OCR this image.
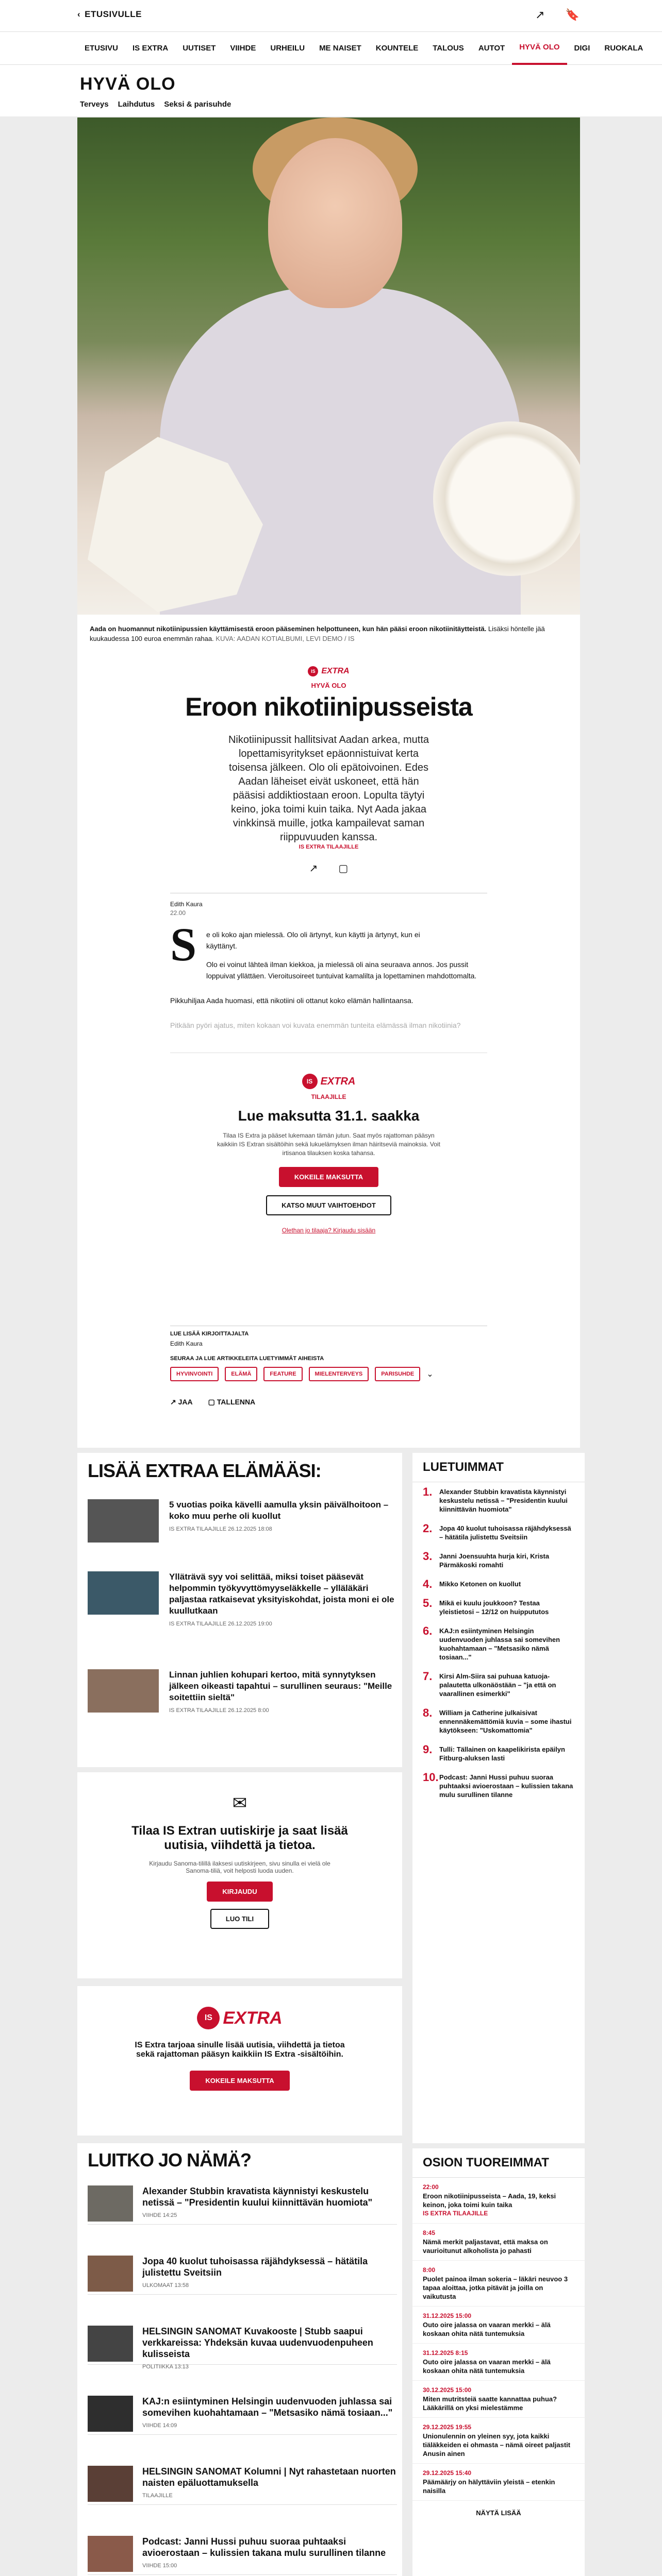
‹ ETUSIVULLE	↗ 🔖
ETUSIVU	IS EXTRA	UUTISET	VIIHDE	URHEILU	ME NAISET	KOUNTELE	TALOUS	AUTOT	HYVÄ OLO	DIGI	RUOKALA
HYVÄ OLO
Terveys Laihdutus Seksi & parisuhde
Aada on huomannut nikotiinipussien käyttämisestä eroon pääseminen helpottuneen, kun hän pääsi eroon nikotiinitäytteistä. Lisäksi höntelle jää kuukaudessa 100 euroa enemmän rahaa. KUVA: AADAN KOTIALBUMI, LEVI DEMO / IS
IS EXTRA
HYVÄ OLO
Eroon nikotiinipusseista
Nikotiinipussit hallitsivat Aadan arkea, mutta lopettamisyritykset epäonnistuivat kerta toisensa jälkeen. Olo oli epätoivoinen. Edes Aadan läheiset eivät uskoneet, että hän pääsisi addiktiostaan eroon. Lopulta täytyi keino, joka toimi kuin taika. Nyt Aada jakaa vinkkinsä muille, jotka kampailevat saman riippuvuuden kanssa.
IS EXTRA TILAAJILLE
↗ ▢
Edith Kaura
22.00
S e oli koko ajan mielessä. Olo oli ärtynyt, kun käytti ja ärtynyt, kun ei käyttänyt.
Olo ei voinut lähteä ilman kiekkoa, ja mielessä oli aina seuraava annos. Jos pussit loppuivat yllättäen. Vieroitusoireet tuntuivat kamalilta ja lopettaminen mahdottomalta.
Pikkuhiljaa Aada huomasi, että nikotiini oli ottanut koko elämän hallintaansa.
Pitkään pyöri ajatus, miten kokaan voi kuvata enemmän tunteita elämässä ilman nikotiinia?
IS EXTRA
TILAAJILLE
Lue maksutta 31.1. saakka
Tilaa IS Extra ja pääset lukemaan tämän jutun. Saat myös rajattoman pääsyn kaikkiin IS Extran sisältöihin sekä lukuelämyksen ilman häiritseviä mainoksia. Voit irtisanoa tilauksen koska tahansa.
KOKEILE MAKSUTTA
KATSO MUUT VAIHTOEHDOT
Olethan jo tilaaja? Kirjaudu sisään
LUE LISÄÄ KIRJOITTAJALTA
Edith Kaura
SEURAA JA LUE ARTIKKELEITA LUETYIMMÄT AIHEISTA
HYVINVOINTI	ELÄMÄ	FEATURE	MIELENTERVEYS	PARISUHDE	⌄
↗ JAA ▢ TALLENNA
LISÄÄ EXTRAA ELÄMÄÄSI:
5 vuotias poika kävelli aamulla yksin päivälhoitoon – koko muu perhe oli kuollut
IS EXTRA TILAAJILLE 26.12.2025 18:08
Ylläträvä syy voi selittää, miksi toiset pääsevät helpommin työkyvyttömyyseläkkelle – ylläläkäri paljastaa ratkaisevat yksityiskohdat, joista moni ei ole kuullutkaan
IS EXTRA TILAAJILLE 26.12.2025 19:00
Linnan juhlien kohupari kertoo, mitä synnytyksen jälkeen oikeasti tapahtui – surullinen seuraus: "Meille soitettiin sieltä"
IS EXTRA TILAAJILLE 26.12.2025 8:00
✉
Tilaa IS Extran uutiskirje ja saat lisää uutisia, viihdettä ja tietoa.
Kirjaudu Sanoma-tilillä ilaksesi uutiskirjeen, sivu sinulla ei vielä ole Sanoma-tiliä, voit helposti luoda uuden.
KIRJAUDU
LUO TILI
IS EXTRA
IS Extra tarjoaa sinulle lisää uutisia, viihdettä ja tietoa sekä rajattoman pääsyn kaikkiin IS Extra -sisältöihin.
KOKEILE MAKSUTTA
LUITKO JO NÄMÄ?
Alexander Stubbin kravatista käynnistyi keskustelu netissä – "Presidentin kuului kiinnittävän huomiota"
VIIHDE 14:25
Jopa 40 kuolut tuhoisassa räjähdyksessä – hätätila julistettu Sveitsiin
ULKOMAAT 13:58
HELSINGIN SANOMAT Kuvakooste | Stubb saapui verkkareissa: Yhdeksän kuvaa uudenvuodenpuheen kulisseista
POLITIIKKA 13:13
KAJ:n esiintyminen Helsingin uudenvuoden juhlassa sai somevihen kuohahtamaan – "Metsasiko nämä tosiaan..."
VIIHDE 14:09
HELSINGIN SANOMAT Kolumni | Nyt rahastetaan nuorten naisten epäluottamuksella
TILAAJILLE
Podcast: Janni Hussi puhuu suoraa puhtaaksi avioerostaan – kulissien takana mulu surullinen tilanne
VIIHDE 15:00
LUETUIMMAT
1. Alexander Stubbin kravatista käynnistyi keskustelu netissä – "Presidentin kuului kiinnittävän huomiota"
2. Jopa 40 kuolut tuhoisassa räjähdyksessä – hätätila julistettu Sveitsiin
3. Janni Joensuuhta hurja kiri, Krista Pärmäkoski romahti
4. Mikko Ketonen on kuollut
5. Mikä ei kuulu joukkoon? Testaa yleistietosi – 12/12 on huippututos
6. KAJ:n esiintyminen Helsingin uudenvuoden juhlassa sai somevihen kuohahtamaan – "Metsasiko nämä tosiaan..."
7. Kirsi Alm-Siira sai puhuaa katuoja-palautetta ulkonäöstään – "ja että on vaarallinen esimerkki"
8. William ja Catherine julkaisivat ennennäkemättömiä kuvia – some ihastui käytökseen: "Uskomattomia"
9. Tulli: Tällainen on kaapelikirista epäilyn Fitburg-aluksen lasti
10. Podcast: Janni Hussi puhuu suoraa puhtaaksi avioerostaan – kulissien takana mulu surullinen tilanne
OSION TUOREIMMAT
22:00
Eroon nikotiinipusseista – Aada, 19, keksi keinon, joka toimi kuin taika
IS EXTRA TILAAJILLE
8:45
Nämä merkit paljastavat, että maksa on vaurioitunut alkoholista jo pahasti
8:00
Puolet painoa ilman sokeria – läkäri neuvoo 3 tapaa aloittaa, jotka pitävät ja joilla on vaikutusta
31.12.2025 15:00
Outo oire jalassa on vaaran merkki – älä koskaan ohita nätä tuntemuksia
31.12.2025 8:15
Outo oire jalassa on vaaran merkki – älä koskaan ohita nätä tuntemuksia
30.12.2025 15:00
Miten mutritsteiä saatte kannattaa puhua? Lääkärillä on yksi mielestämme
29.12.2025 19:55
Unionulennin on yleinen syy, jota kaikki tiäläkkeiden ei ohmasta – nämä oireet paljastit Anusin ainen
29.12.2025 15:40
Päämäärjy on hälyttäviin yleistä – etenkin naisilla
NÄYTÄ LISÄÄ
